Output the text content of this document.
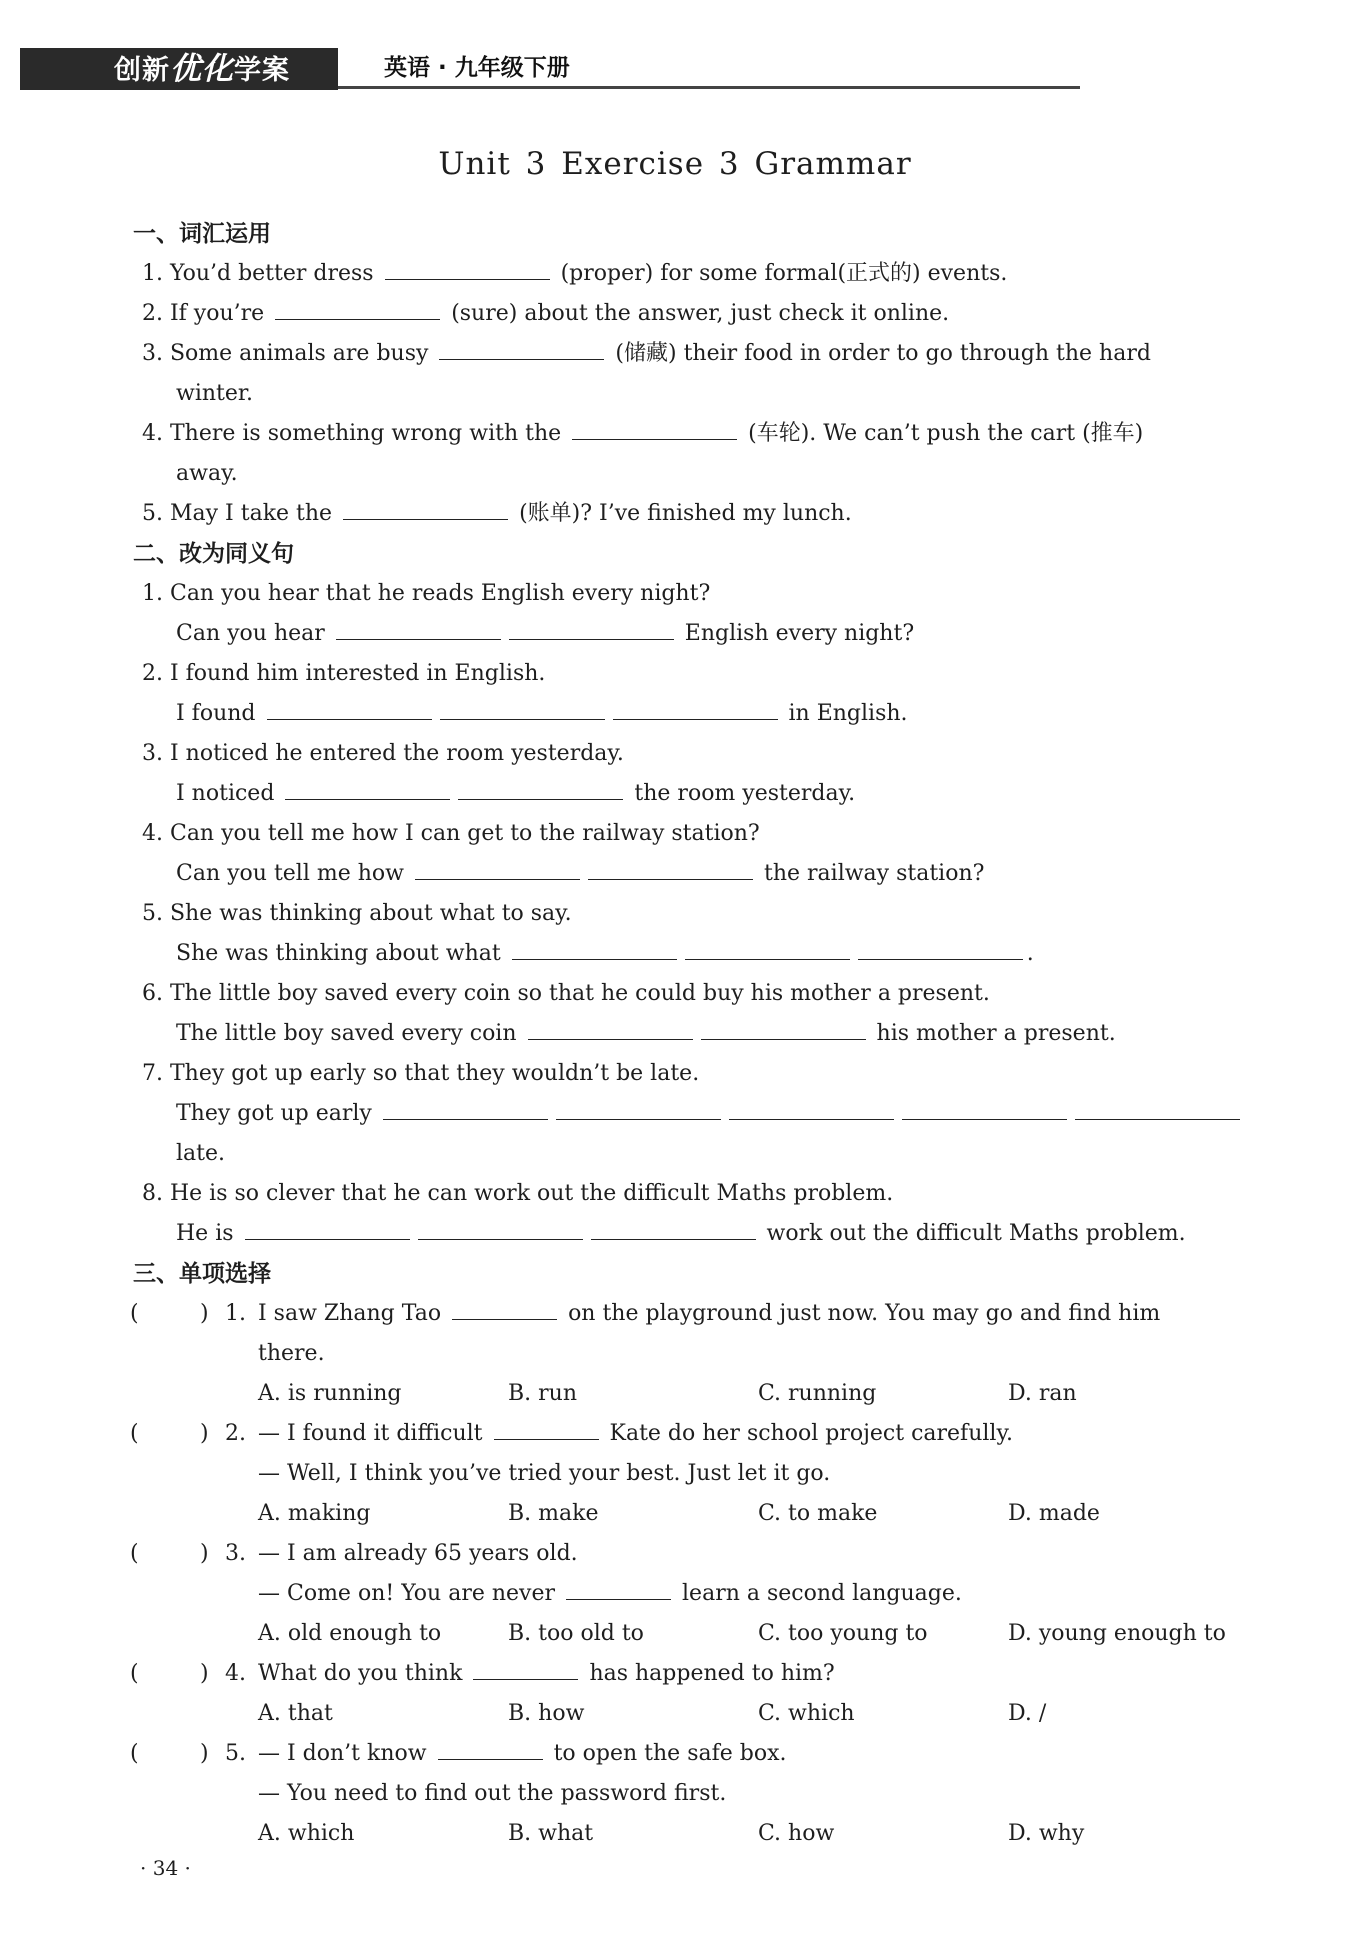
创新优化学案	英语 · 九年级下册
Unit 3 Exercise 3 Grammar
一、词汇运用
1. You’d better dress	(proper) for some formal(正式的) events.
2. If you’re	(sure) about the answer, just check it online.
3. Some animals are busy	(储藏) their food in order to go through the hard
winter.
4. There is something wrong with the	(车轮). We can’t push the cart (推车)
away.
5. May I take the	(账单)? I’ve finished my lunch.
二、改为同义句
1. Can you hear that he reads English every night?
Can you hear	English every night?
2. I found him interested in English.
I found	in English.
3. I noticed he entered the room yesterday.
I noticed	the room yesterday.
4. Can you tell me how I can get to the railway station?
Can you tell me how	the railway station?
5. She was thinking about what to say.
She was thinking about what	.
6. The little boy saved every coin so that he could buy his mother a present.
The little boy saved every coin	his mother a present.
7. They got up early so that they wouldn’t be late.
They got up early
late.
8. He is so clever that he can work out the difficult Maths problem.
He is	work out the difficult Maths problem.
三、单项选择
(	) 1. I saw Zhang Tao	on the playground just now. You may go and find him
there.
A. is running	B. run	C. running	D. ran
(	) 2. — I found it difficult	Kate do her school project carefully.
— Well, I think you’ve tried your best. Just let it go.
A. making	B. make	C. to make	D. made
(	) 3. — I am already 65 years old.
— Come on! You are never	learn a second language.
A. old enough to	B. too old to	C. too young to	D. young enough to
(	) 4. What do you think	has happened to him?
A. that	B. how	C. which	D. /
(	) 5. — I don’t know	to open the safe box.
— You need to find out the password first.
A. which	B. what	C. how	D. why
· 34 ·
